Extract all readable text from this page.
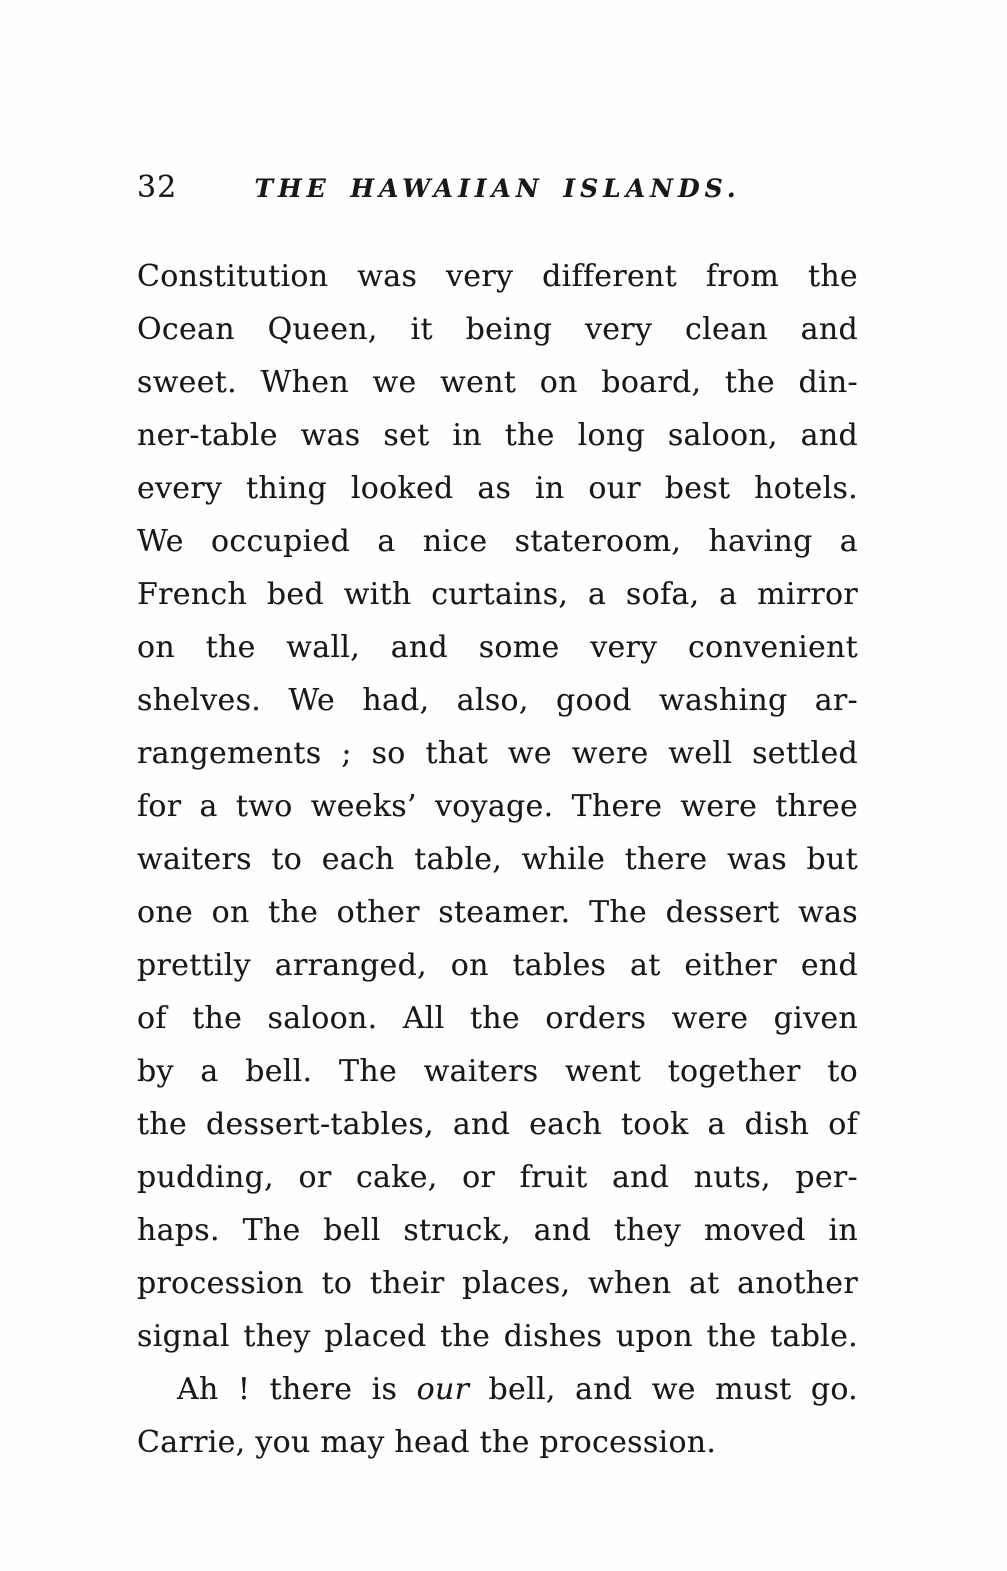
32	THE HAWAIIAN ISLANDS.
Constitution was very different from the
Ocean Queen, it being very clean and
sweet. When we went on board, the din-
ner-table was set in the long saloon, and
every thing looked as in our best hotels.
We occupied a nice stateroom, having a
French bed with curtains, a sofa, a mirror
on the wall, and some very convenient
shelves. We had, also, good washing ar-
rangements ; so that we were well settled
for a two weeks’ voyage. There were three
waiters to each table, while there was but
one on the other steamer. The dessert was
prettily arranged, on tables at either end
of the saloon. All the orders were given
by a bell. The waiters went together to
the dessert-tables, and each took a dish of
pudding, or cake, or fruit and nuts, per-
haps. The bell struck, and they moved in
procession to their places, when at another
signal they placed the dishes upon the table.
Ah ! there is our bell, and we must go.
Carrie, you may head the procession.
